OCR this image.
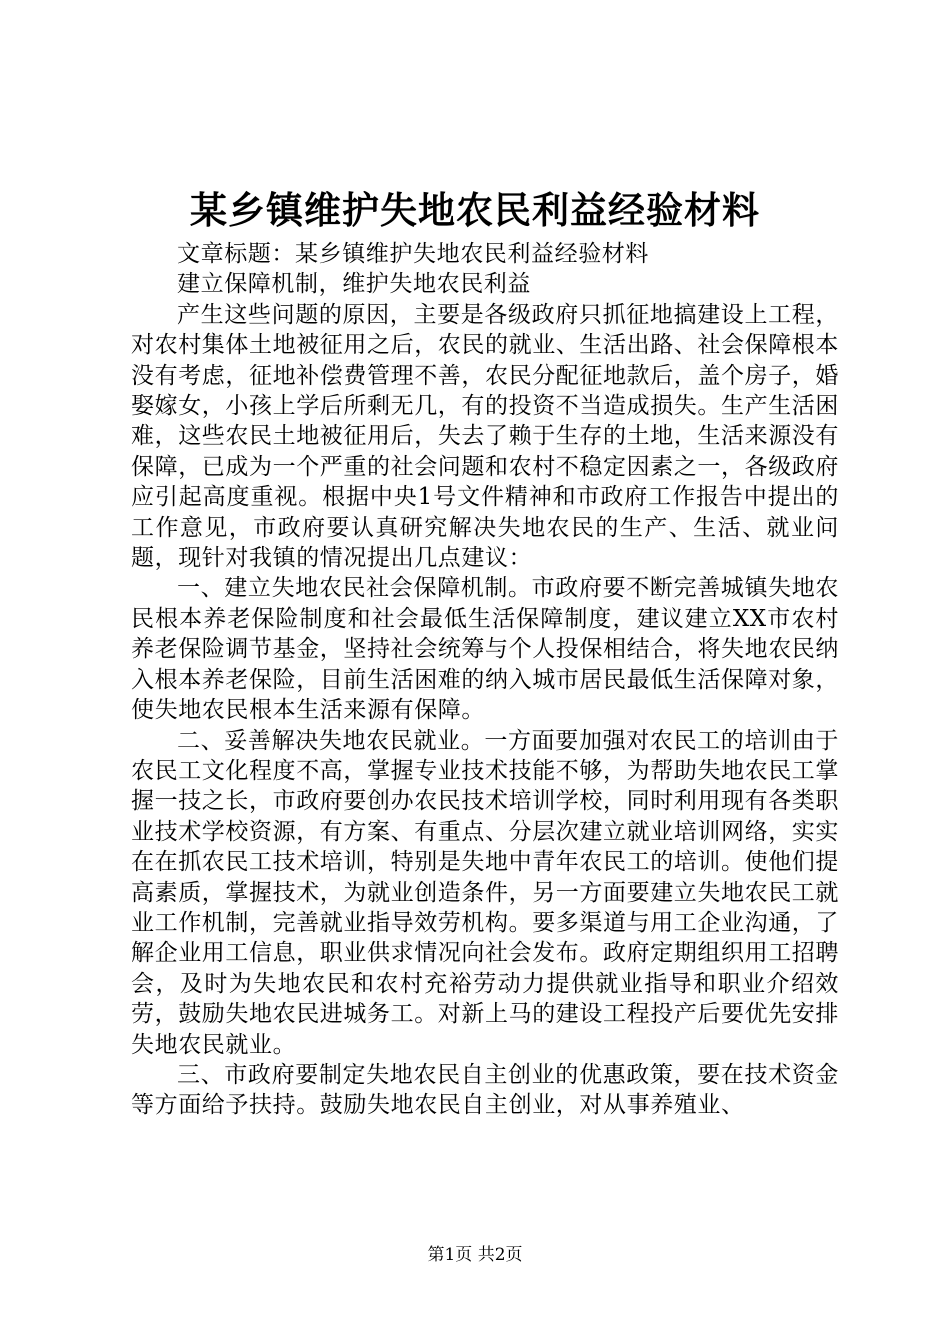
某乡镇维护失地农民利益经验材料

文章标题：某乡镇维护失地农民利益经验材料

建立保障机制，维护失地农民利益

产生这些问题的原因，主要是各级政府只抓征地搞建设上工程，对农村集体土地被征用之后，农民的就业、生活出路、社会保障根本没有考虑，征地补偿费管理不善，农民分配征地款后，盖个房子，婚娶嫁女，小孩上学后所剩无几，有的投资不当造成损失。生产生活困难，这些农民土地被征用后，失去了赖于生存的土地，生活来源没有保障，已成为一个严重的社会问题和农村不稳定因素之一，各级政府应引起高度重视。根据中央1号文件精神和市政府工作报告中提出的工作意见，市政府要认真研究解决失地农民的生产、生活、就业问题，现针对我镇的情况提出几点建议：

一、建立失地农民社会保障机制。市政府要不断完善城镇失地农民根本养老保险制度和社会最低生活保障制度，建议建立XX市农村养老保险调节基金，坚持社会统筹与个人投保相结合，将失地农民纳入根本养老保险，目前生活困难的纳入城市居民最低生活保障对象，使失地农民根本生活来源有保障。

二、妥善解决失地农民就业。一方面要加强对农民工的培训由于农民工文化程度不高，掌握专业技术技能不够，为帮助失地农民工掌握一技之长，市政府要创办农民技术培训学校，同时利用现有各类职业技术学校资源，有方案、有重点、分层次建立就业培训网络，实实在在抓农民工技术培训，特别是失地中青年农民工的培训。使他们提高素质，掌握技术，为就业创造条件，另一方面要建立失地农民工就业工作机制，完善就业指导效劳机构。要多渠道与用工企业沟通，了解企业用工信息，职业供求情况向社会发布。政府定期组织用工招聘会，及时为失地农民和农村充裕劳动力提供就业指导和职业介绍效劳，鼓励失地农民进城务工。对新上马的建设工程投产后要优先安排失地农民就业。

三、市政府要制定失地农民自主创业的优惠政策，要在技术资金等方面给予扶持。鼓励失地农民自主创业，对从事养殖业、

第1页 共2页
